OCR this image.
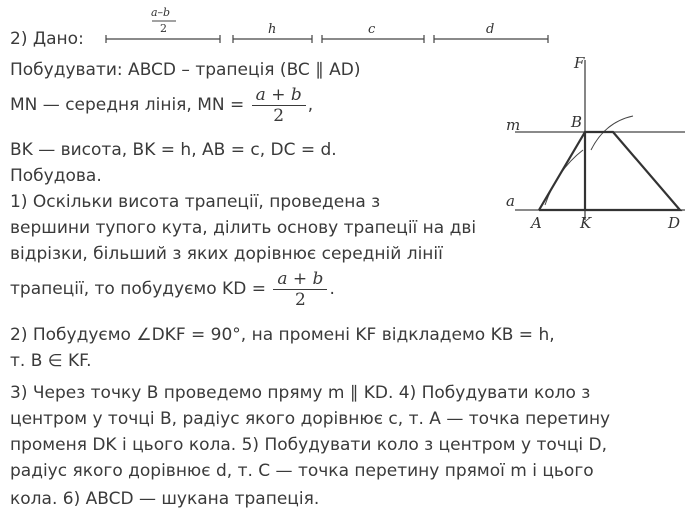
2) Дано:
a–b
2	h	c	d
Побудувати: ABCD – трапеція (BC ∥ AD)
MN — середня лінія, MN = $\frac{a + b}{2}$ ,
BK — висота, BK = h, AB = c, DC = d.
Побудова.
1) Оскільки висота трапеції, проведена з
вершини тупого кута, ділить основу трапеції на дві
відрізки, більший з яких дорівнює середній лінії
трапеції, то побудуємо KD = $\frac{a + b}{2}$ .
2) Побудуємо ∠DKF = 90°, на промені KF відкладемо KB = h,
т. B ∈ KF.
3) Через точку B проведемо пряму m ∥ KD. 4) Побудувати коло з
центром у точці B, радіус якого дорівнює c, т. A — точка перетину
променя DK і цього кола. 5) Побудувати коло з центром у точці D,
радіус якого дорівнює d, т. C — точка перетину прямої m і цього
кола. 6) ABCD — шукана трапеція.
F
m	B
a
A	K	D
